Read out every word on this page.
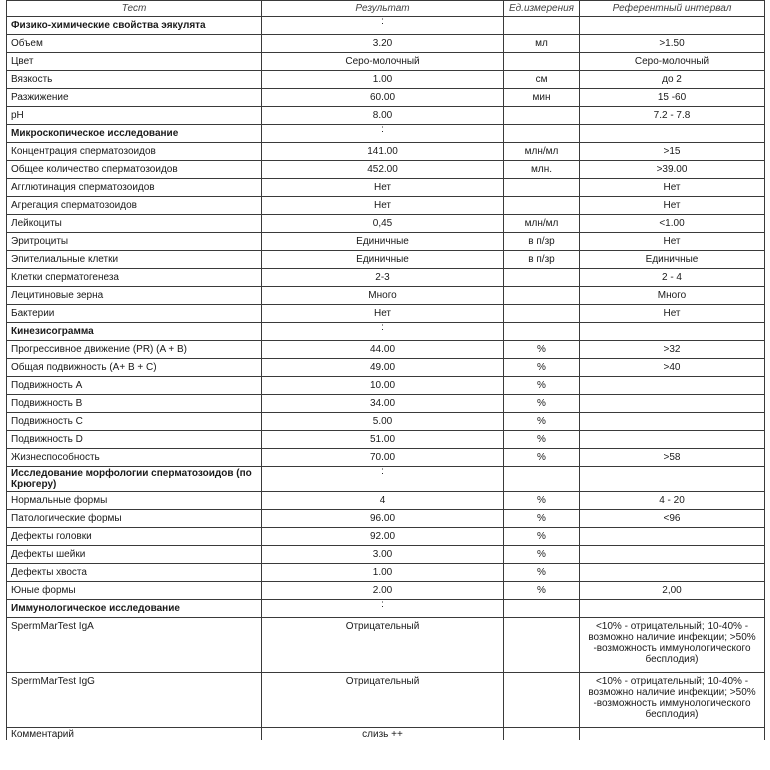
Тест	Результат	Ед.измерения	Референтный интервал
Физико-химические свойства эякулята	:		
Объем	3.20	мл	>1.50
Цвет	Серо-молочный		Серо-молочный
Вязкость	1.00	см	до 2
Разжижение	60.00	мин	15 -60
pH	8.00		7.2 - 7.8
Микроскопическое исследование	:		
Концентрация сперматозоидов	141.00	млн/мл	>15
Общее количество сперматозоидов	452.00	млн.	>39.00
Агглютинация сперматозоидов	Нет		Нет
Агрегация сперматозоидов	Нет		Нет
Лейкоциты	0,45	млн/мл	<1.00
Эритроциты	Единичные	в п/зр	Нет
Эпителиальные клетки	Единичные	в п/зр	Единичные
Клетки сперматогенеза	2-3		2 - 4
Лецитиновые зерна	Много		Много
Бактерии	Нет		Нет
Кинезисограмма	:		
Прогрессивное движение (PR) (A + B)	44.00	%	>32
Общая подвижность (A+ B + C)	49.00	%	>40
Подвижность А	10.00	%	
Подвижность B	34.00	%	
Подвижность C	5.00	%	
Подвижность D	51.00	%	
Жизнеспособность	70.00	%	>58
Исследование морфологии сперматозоидов (по Крюгеру)	:		
Нормальные формы	4	%	4 - 20
Патологические формы	96.00	%	<96
Дефекты головки	92.00	%	
Дефекты шейки	3.00	%	
Дефекты хвоста	1.00	%	
Юные формы	2.00	%	2,00
Иммунологическое исследование	:		
SpermMarTest IgA	Отрицательный		<10% - отрицательный; 10-40% - возможно наличие инфекции; >50% -возможность иммунологического бесплодия)
SpermMarTest IgG	Отрицательный		<10% - отрицательный; 10-40% - возможно наличие инфекции; >50% -возможность иммунологического бесплодия)
Комментарий	слизь ++		
